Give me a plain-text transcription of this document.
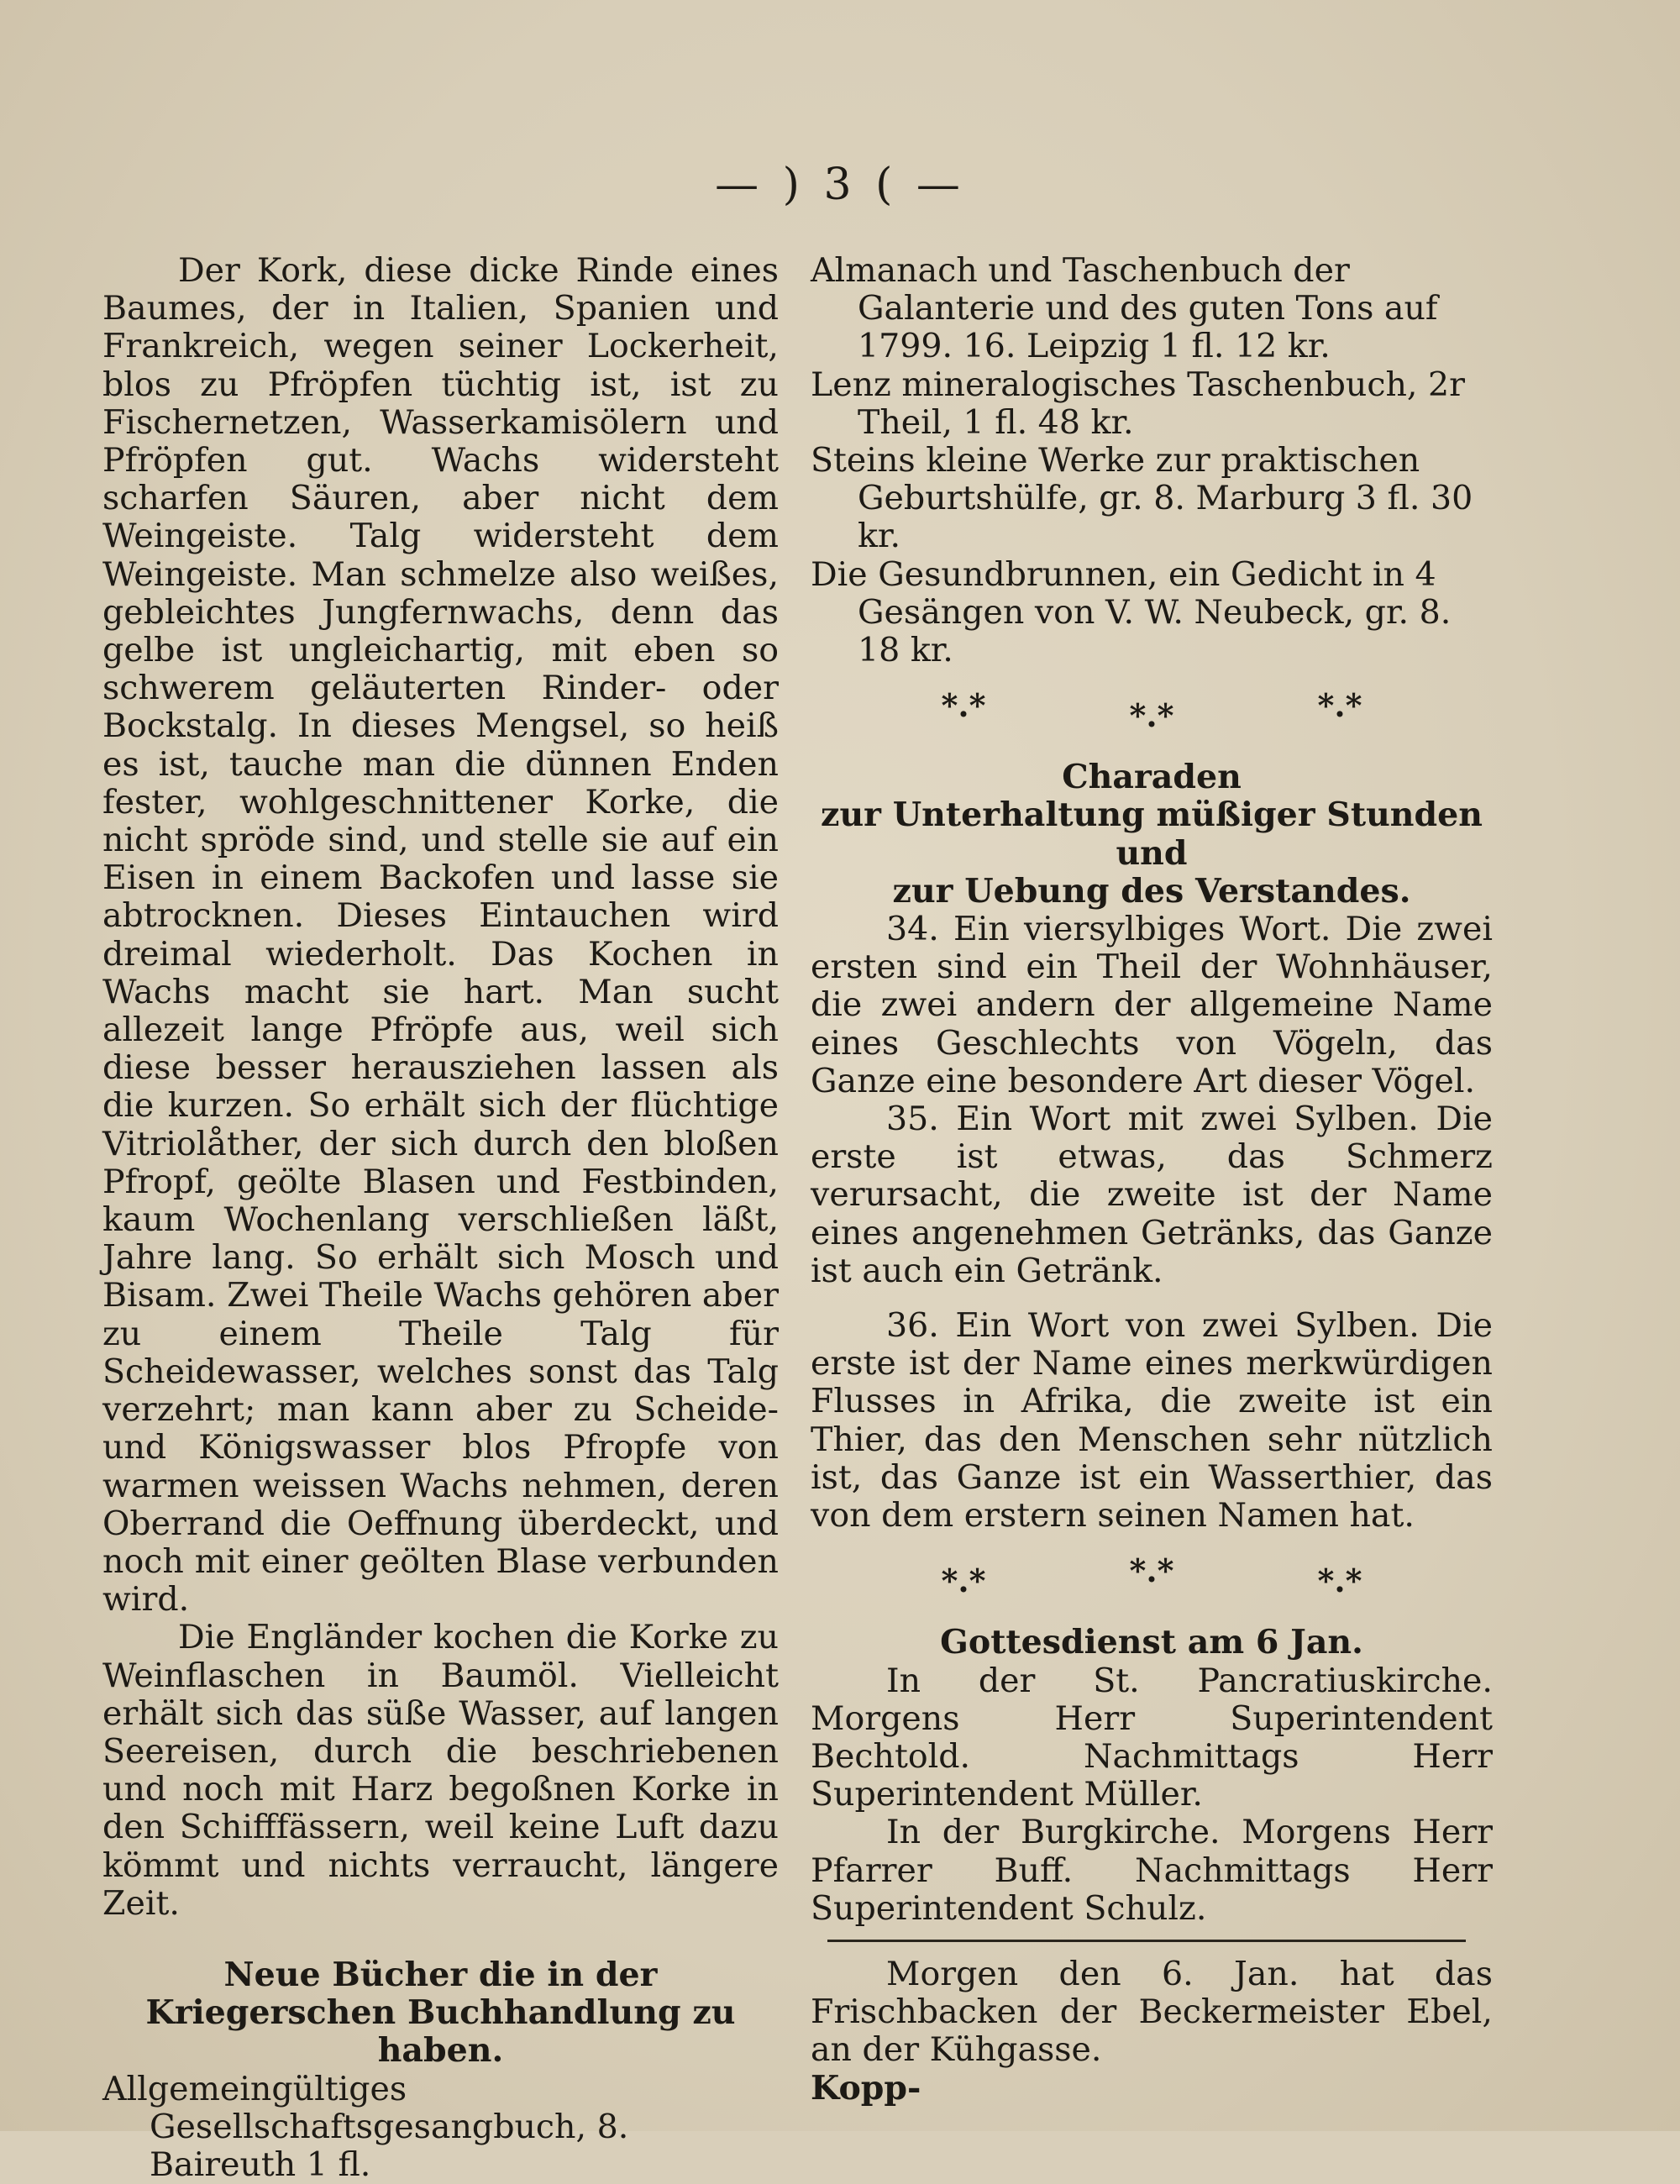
— ) 3 ( —

Der Kork, diese dicke Rinde eines Baumes, der in Italien, Spanien und Frankreich, wegen seiner Lockerheit, blos zu Pfröpfen tüchtig ist, ist zu Fischernetzen, Wasserkamisölern und Pfröpfen gut. Wachs widersteht scharfen Säuren, aber nicht dem Weingeiste. Talg widersteht dem Weingeiste. Man schmelze also weißes, gebleichtes Jungfernwachs, denn das gelbe ist ungleichartig, mit eben so schwerem geläuterten Rinder- oder Bockstalg. In dieses Mengsel, so heiß es ist, tauche man die dünnen Enden fester, wohlgeschnittener Korke, die nicht spröde sind, und stelle sie auf ein Eisen in einem Backofen und lasse sie abtrocknen. Dieses Eintauchen wird dreimal wiederholt. Das Kochen in Wachs macht sie hart. Man sucht allezeit lange Pfröpfe aus, weil sich diese besser herausziehen lassen als die kurzen. So erhält sich der flüchtige Vitriolåther, der sich durch den bloßen Pfropf, geölte Blasen und Festbinden, kaum Wochenlang verschließen läßt, Jahre lang. So erhält sich Mosch und Bisam. Zwei Theile Wachs gehören aber zu einem Theile Talg für Scheidewasser, welches sonst das Talg verzehrt; man kann aber zu Scheide- und Königswasser blos Pfropfe von warmen weissen Wachs nehmen, deren Oberrand die Oeffnung überdeckt, und noch mit einer geölten Blase verbunden wird.

Die Engländer kochen die Korke zu Weinflaschen in Baumöl. Vielleicht erhält sich das süße Wasser, auf langen Seereisen, durch die beschriebenen und noch mit Harz begoßnen Korke in den Schifffässern, weil keine Luft dazu kömmt und nichts verraucht, längere Zeit.

Neue Bücher die in der Kriegerschen Buchhandlung zu haben.

Allgemeingültiges Gesellschaftsgesangbuch, 8. Baireuth 1 fl.

Almanach und Taschenbuch der Galanterie und des guten Tons auf 1799. 16. Leipzig 1 fl. 12 kr.

Lenz mineralogisches Taschenbuch, 2r Theil, 1 fl. 48 kr.

Steins kleine Werke zur praktischen Geburtshülfe, gr. 8. Marburg 3 fl. 30 kr.

Die Gesundbrunnen, ein Gedicht in 4 Gesängen von V. W. Neubeck, gr. 8. 18 kr.

*.*	*.*	*.*

Charaden

zur Unterhaltung müßiger Stunden und

zur Uebung des Verstandes.

34. Ein viersylbiges Wort. Die zwei ersten sind ein Theil der Wohnhäuser, die zwei andern der allgemeine Name eines Geschlechts von Vögeln, das Ganze eine besondere Art dieser Vögel.

35. Ein Wort mit zwei Sylben. Die erste ist etwas, das Schmerz verursacht, die zweite ist der Name eines angenehmen Getränks, das Ganze ist auch ein Getränk.

36. Ein Wort von zwei Sylben. Die erste ist der Name eines merkwürdigen Flusses in Afrika, die zweite ist ein Thier, das den Menschen sehr nützlich ist, das Ganze ist ein Wasserthier, das von dem erstern seinen Namen hat.

*.*	*.*	*.*

Gottesdienst am 6 Jan.

In der St. Pancratiuskirche. Morgens Herr Superintendent Bechtold. Nachmittags Herr Superintendent Müller.

In der Burgkirche. Morgens Herr Pfarrer Buff. Nachmittags Herr Superintendent Schulz.

Morgen den 6. Jan. hat das Frischbacken der Beckermeister Ebel, an der Kühgasse.

Kopp-
